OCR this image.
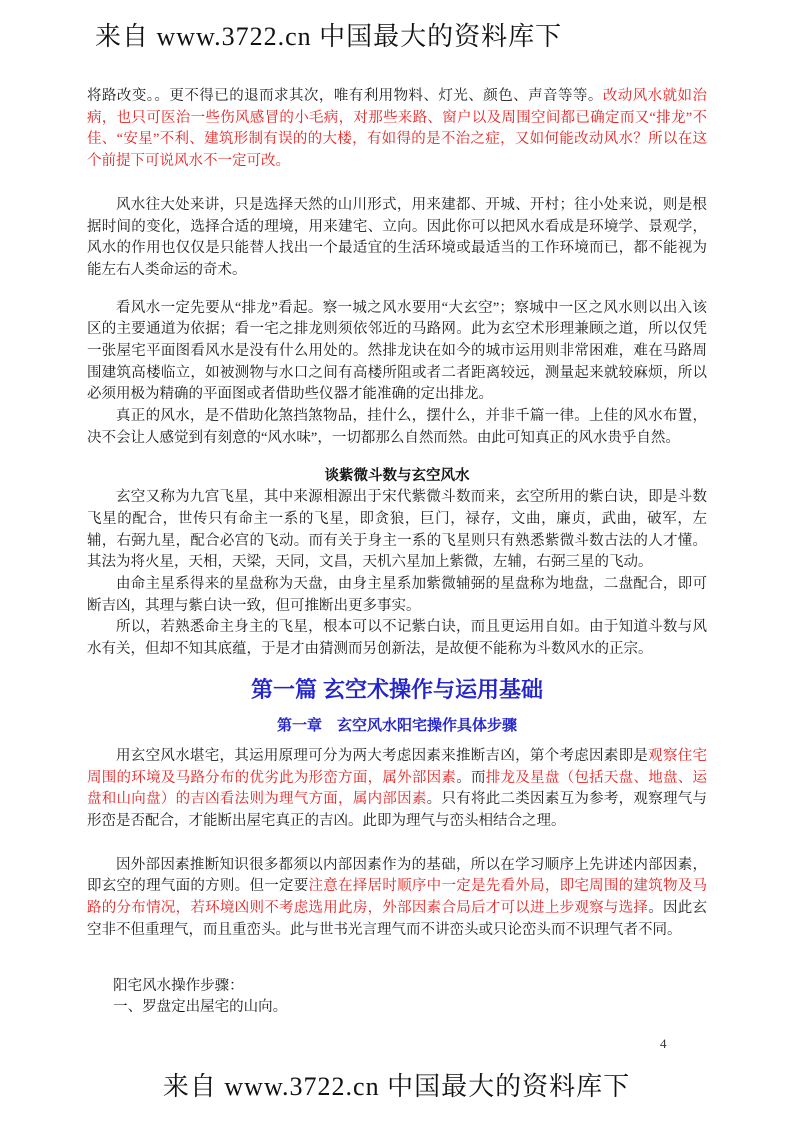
来自 www.3722.cn 中国最大的资料库下

将路改变。。更不得已的退而求其次，唯有利用物料、灯光、颜色、声音等等。改动风水就如治病，也只可医治一些伤风感冒的小毛病，对那些来路、窗户以及周围空间都已确定而又“排龙”不佳、“安星”不利、建筑形制有误的的大楼，有如得的是不治之症，又如何能改动风水？所以在这个前提下可说风水不一定可改。

风水往大处来讲，只是选择天然的山川形式，用来建都、开城、开村；往小处来说，则是根据时间的变化，选择合适的理境，用来建宅、立向。因此你可以把风水看成是环境学、景观学，风水的作用也仅仅是只能替人找出一个最适宜的生活环境或最适当的工作环境而已，都不能视为能左右人类命运的奇术。

看风水一定先要从“排龙”看起。察一城之风水要用“大玄空”；察城中一区之风水则以出入该区的主要通道为依据；看一宅之排龙则须依邻近的马路网。此为玄空术形理兼顾之道，所以仅凭一张屋宅平面图看风水是没有什么用处的。然排龙诀在如今的城市运用则非常困难，难在马路周围建筑高楼临立，如被测物与水口之间有高楼所阻或者二者距离较远，测量起来就较麻烦，所以必须用极为精确的平面图或者借助些仪器才能准确的定出排龙。

真正的风水，是不借助化煞挡煞物品，挂什么，摆什么，并非千篇一律。上佳的风水布置，决不会让人感觉到有刻意的“风水味”，一切都那么自然而然。由此可知真正的风水贵乎自然。

谈紫微斗数与玄空风水

玄空又称为九宫飞星，其中来源相源出于宋代紫微斗数而来，玄空所用的紫白诀，即是斗数飞星的配合，世传只有命主一系的飞星，即贪狼，巨门，禄存，文曲，廉贞，武曲，破军，左辅，右弼九星，配合必宫的飞动。而有关于身主一系的飞星则只有熟悉紫微斗数古法的人才懂。其法为将火星，天相，天梁，天同，文昌，天机六星加上紫微，左辅，右弼三星的飞动。

由命主星系得来的星盘称为天盘，由身主星系加紫微辅弼的星盘称为地盘，二盘配合，即可断吉凶，其理与紫白诀一致，但可推断出更多事实。

所以，若熟悉命主身主的飞星，根本可以不记紫白诀，而且更运用自如。由于知道斗数与风水有关，但却不知其底蕴，于是才由猜测而另创新法，是故便不能称为斗数风水的正宗。

第一篇 玄空术操作与运用基础

第一章　玄空风水阳宅操作具体步骤

用玄空风水堪宅，其运用原理可分为两大考虑因素来推断吉凶，第个考虑因素即是观察住宅周围的环境及马路分布的优劣此为形峦方面，属外部因素。而排龙及星盘（包括天盘、地盘、运盘和山向盘）的吉凶看法则为理气方面，属内部因素。只有将此二类因素互为参考，观察理气与形峦是否配合，才能断出屋宅真正的吉凶。此即为理气与峦头相结合之理。

因外部因素推断知识很多都须以内部因素作为的基础，所以在学习顺序上先讲述内部因素，即玄空的理气面的方则。但一定要注意在择居时顺序中一定是先看外局，即宅周围的建筑物及马路的分布情况，若环境凶则不考虑选用此房，外部因素合局后才可以进上步观察与选择。因此玄空非不但重理气，而且重峦头。此与世书光言理气而不讲峦头或只论峦头而不识理气者不同。

阳宅风水操作步骤：

一、罗盘定出屋宅的山向。

4
来自 www.3722.cn 中国最大的资料库下
